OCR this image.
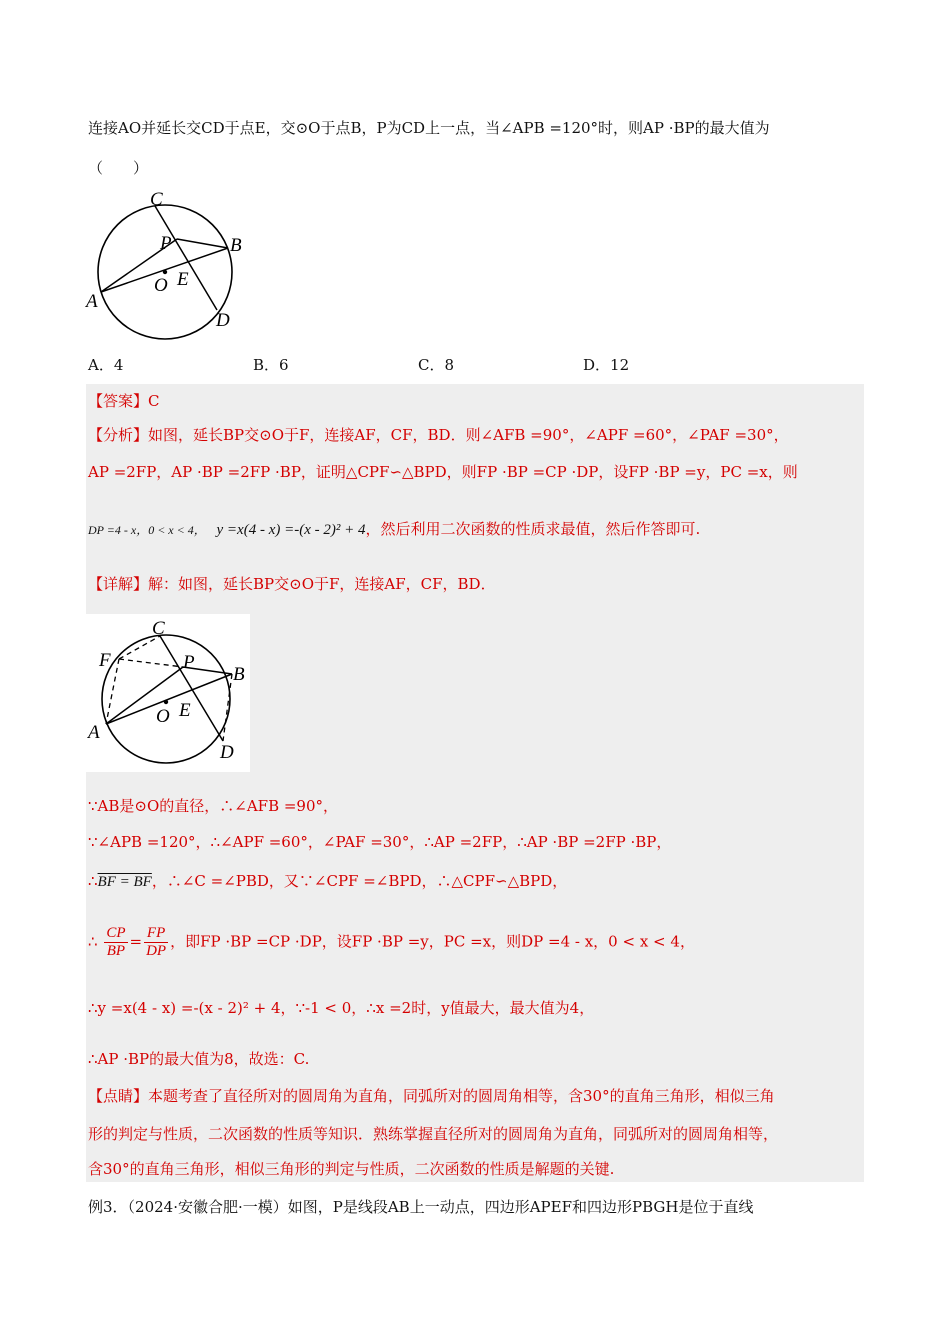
连接AO并延长交CD于点E，交⊙O于点B，P为CD上一点，当∠APB =120°时，则AP ·BP的最大值为
（　　）
C
P	B
E
O
A
D
A．4	B．6	C．8	D．12
【答案】C
【分析】如图，延长BP交⊙O于F，连接AF，CF，BD．则∠AFB =90°，∠APF =60°，∠PAF =30°，
AP =2FP，AP ·BP =2FP ·BP，证明△CPF∽△BPD，则FP ·BP =CP ·DP，设FP ·BP =y，PC =x，则
DP =4 - x，0 < x < 4， y =x(4 - x) =-(x - 2)² + 4，然后利用二次函数的性质求最值，然后作答即可.
【详解】解：如图，延长BP交⊙O于F，连接AF，CF，BD．
C
F	P
B
E
O
A
D
∵AB是⊙O的直径，∴∠AFB =90°，
∵∠APB =120°，∴∠APF =60°，∠PAF =30°，∴AP =2FP，∴AP ·BP =2FP ·BP，
∴BF = BF，∴∠C =∠PBD，又∵∠CPF =∠BPD，∴△CPF∽△BPD，
∴ $\frac{CP}{BP} = \frac{FP}{DP}$ ，即FP ·BP =CP ·DP，设FP ·BP =y，PC =x，则DP =4 - x，0 < x < 4，
∴y =x(4 - x) =-(x - 2)² + 4，∵-1 < 0，∴x =2时，y值最大，最大值为4，
∴AP ·BP的最大值为8，故选：C.
【点睛】本题考查了直径所对的圆周角为直角，同弧所对的圆周角相等，含30°的直角三角形，相似三角
形的判定与性质，二次函数的性质等知识．熟练掌握直径所对的圆周角为直角，同弧所对的圆周角相等，
含30°的直角三角形，相似三角形的判定与性质，二次函数的性质是解题的关键.
例3．（2024·安徽合肥·一模）如图，P是线段AB上一动点，四边形APEF和四边形PBGH是位于直线
